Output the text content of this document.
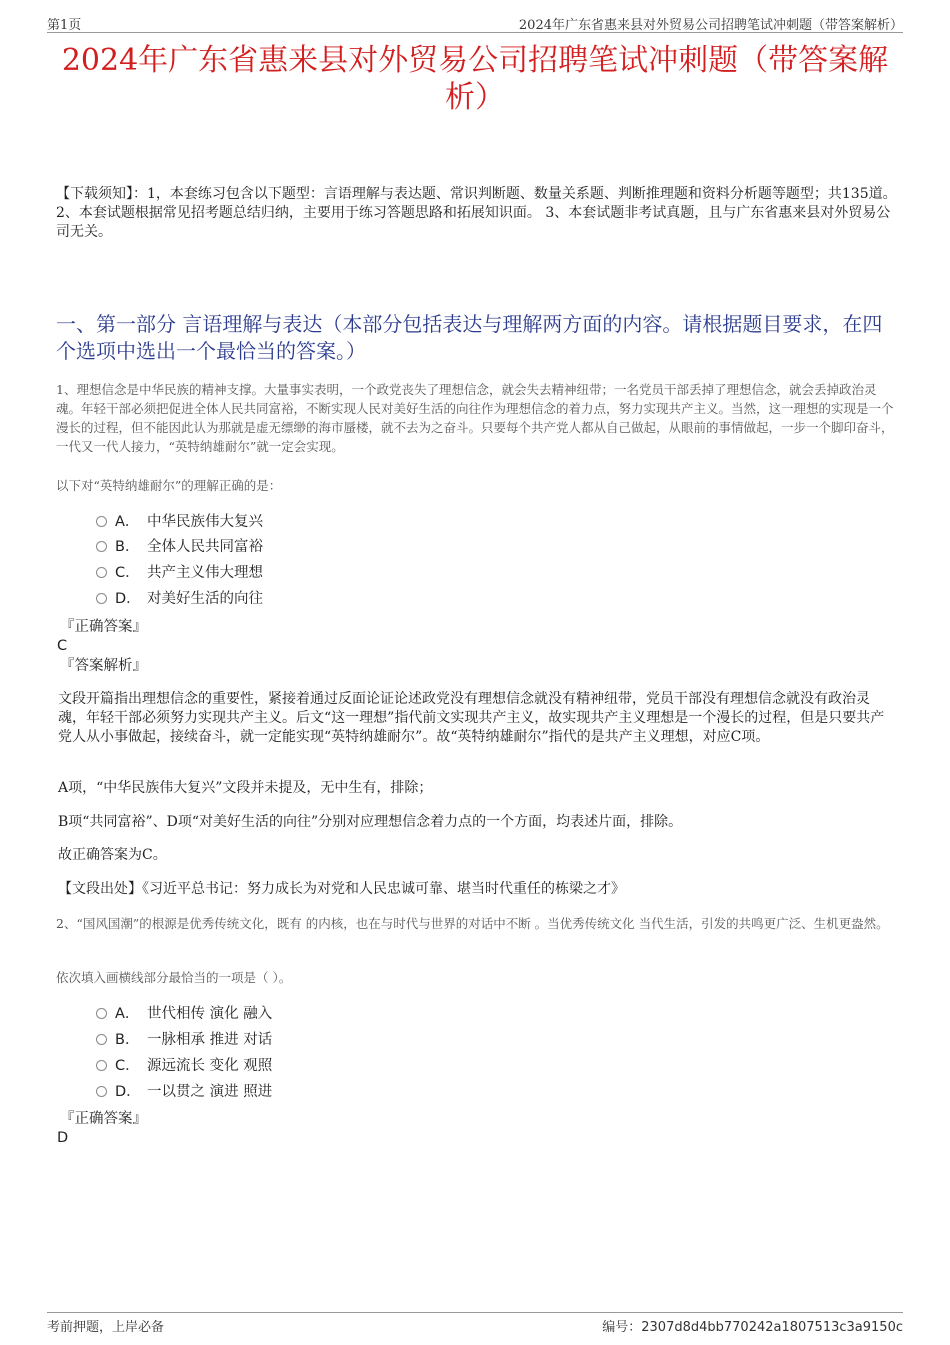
第1页	2024年广东省惠来县对外贸易公司招聘笔试冲刺题（带答案解析）
2024年广东省惠来县对外贸易公司招聘笔试冲刺题（带答案解
析）
【下载须知】：1，本套练习包含以下题型：言语理解与表达题、常识判断题、数量关系题、判断推理题和资料分析题等题型；共135道。 2、本套试题根据常见招考题总结归纳，主要用于练习答题思路和拓展知识面。 3、本套试题非考试真题，且与广东省惠来县对外贸易公司无关。
一、第一部分 言语理解与表达（本部分包括表达与理解两方面的内容。请根据题目要求，在四个选项中选出一个最恰当的答案。）
1、理想信念是中华民族的精神支撑。大量事实表明，一个政党丧失了理想信念，就会失去精神纽带；一名党员干部丢掉了理想信念，就会丢掉政治灵魂。年轻干部必须把促进全体人民共同富裕，不断实现人民对美好生活的向往作为理想信念的着力点，努力实现共产主义。当然，这一理想的实现是一个漫长的过程，但不能因此认为那就是虚无缥缈的海市蜃楼，就不去为之奋斗。只要每个共产党人都从自己做起，从眼前的事情做起，一步一个脚印奋斗，一代又一代人接力，“英特纳雄耐尔”就一定会实现。
以下对“英特纳雄耐尔”的理解正确的是：
A． 中华民族伟大复兴
B． 全体人民共同富裕
C． 共产主义伟大理想
D． 对美好生活的向往
『正确答案』
C
『答案解析』
文段开篇指出理想信念的重要性，紧接着通过反面论证论述政党没有理想信念就没有精神纽带，党员干部没有理想信念就没有政治灵魂，年轻干部必须努力实现共产主义。后文“这一理想”指代前文实现共产主义，故实现共产主义理想是一个漫长的过程，但是只要共产党人从小事做起，接续奋斗，就一定能实现“英特纳雄耐尔”。故“英特纳雄耐尔”指代的是共产主义理想，对应C项。
A项，“中华民族伟大复兴”文段并未提及，无中生有，排除；
B项“共同富裕”、D项“对美好生活的向往”分别对应理想信念着力点的一个方面，均表述片面，排除。
故正确答案为C。
【文段出处】《习近平总书记：努力成长为对党和人民忠诚可靠、堪当时代重任的栋梁之才》
2、“国风国潮”的根源是优秀传统文化，既有 的内核，也在与时代与世界的对话中不断 。当优秀传统文化 当代生活，引发的共鸣更广泛、生机更盎然。
依次填入画横线部分最恰当的一项是（ ）。
A． 世代相传 演化 融入
B． 一脉相承 推进 对话
C． 源远流长 变化 观照
D． 一以贯之 演进 照进
『正确答案』
D
考前押题，上岸必备	编号：2307d8d4bb770242a1807513c3a9150c
